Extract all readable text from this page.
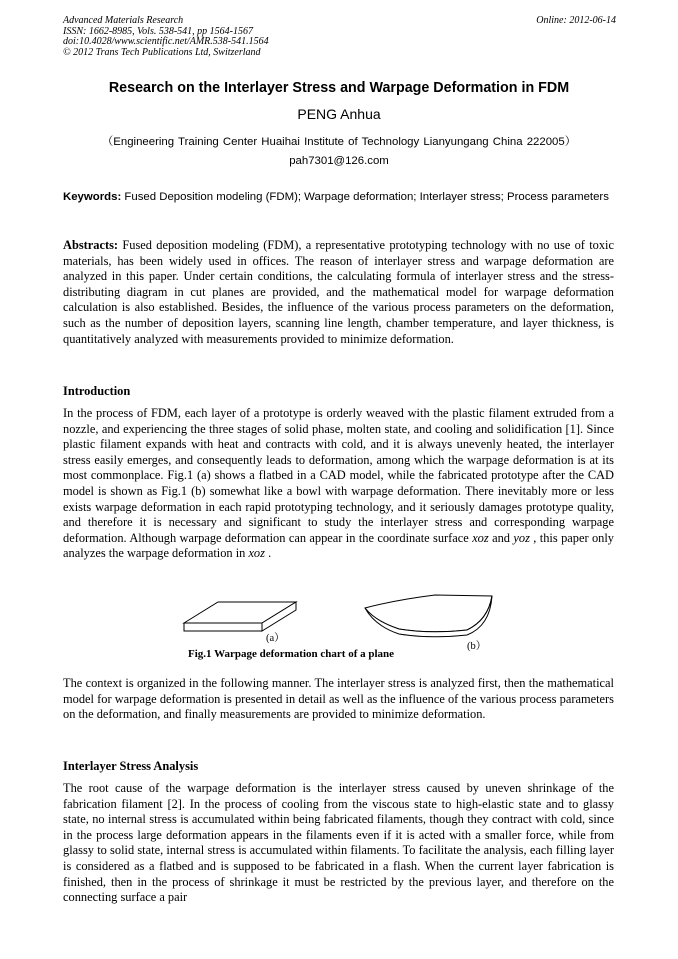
Advanced Materials Research
ISSN: 1662-8985, Vols. 538-541, pp 1564-1567
doi:10.4028/www.scientific.net/AMR.538-541.1564
© 2012 Trans Tech Publications Ltd, Switzerland
Online: 2012-06-14
Research on the Interlayer Stress and Warpage Deformation in FDM
PENG Anhua
（Engineering Training Center Huaihai Institute of Technology Lianyungang China 222005）
pah7301@126.com
Keywords: Fused Deposition modeling (FDM); Warpage deformation; Interlayer stress; Process parameters
Abstracts: Fused deposition modeling (FDM), a representative prototyping technology with no use of toxic materials, has been widely used in offices. The reason of interlayer stress and warpage deformation are analyzed in this paper. Under certain conditions, the calculating formula of interlayer stress and the stress-distributing diagram in cut planes are provided, and the mathematical model for warpage deformation calculation is also established. Besides, the influence of the various process parameters on the deformation, such as the number of deposition layers, scanning line length, chamber temperature, and layer thickness, is quantitatively analyzed with measurements provided to minimize deformation.
Introduction
In the process of FDM, each layer of a prototype is orderly weaved with the plastic filament extruded from a nozzle, and experiencing the three stages of solid phase, molten state, and cooling and solidification [1]. Since plastic filament expands with heat and contracts with cold, and it is always unevenly heated, the interlayer stress easily emerges, and consequently leads to deformation, among which the warpage deformation is at its most commonplace. Fig.1 (a) shows a flatbed in a CAD model, while the fabricated prototype after the CAD model is shown as Fig.1 (b) somewhat like a bowl with warpage deformation. There inevitably more or less exists warpage deformation in each rapid prototyping technology, and it seriously damages prototype quality, and therefore it is necessary and significant to study the interlayer stress and corresponding warpage deformation. Although warpage deformation can appear in the coordinate surface xoz and yoz , this paper only analyzes the warpage deformation in xoz .
(a）
(b）
Fig.1 Warpage deformation chart of a plane
The context is organized in the following manner. The interlayer stress is analyzed first, then the mathematical model for warpage deformation is presented in detail as well as the influence of the various process parameters on the deformation, and finally measurements are provided to minimize deformation.
Interlayer Stress Analysis
The root cause of the warpage deformation is the interlayer stress caused by uneven shrinkage of the fabrication filament [2]. In the process of cooling from the viscous state to high-elastic state and to glassy state, no internal stress is accumulated within being fabricated filaments, though they contract with cold, since in the process large deformation appears in the filaments even if it is acted with a smaller force, while from glassy to solid state, internal stress is accumulated within filaments. To facilitate the analysis, each filling layer is considered as a flatbed and is supposed to be fabricated in a flash. When the current layer fabrication is finished, then in the process of shrinkage it must be restricted by the previous layer, and therefore on the connecting surface a pair
